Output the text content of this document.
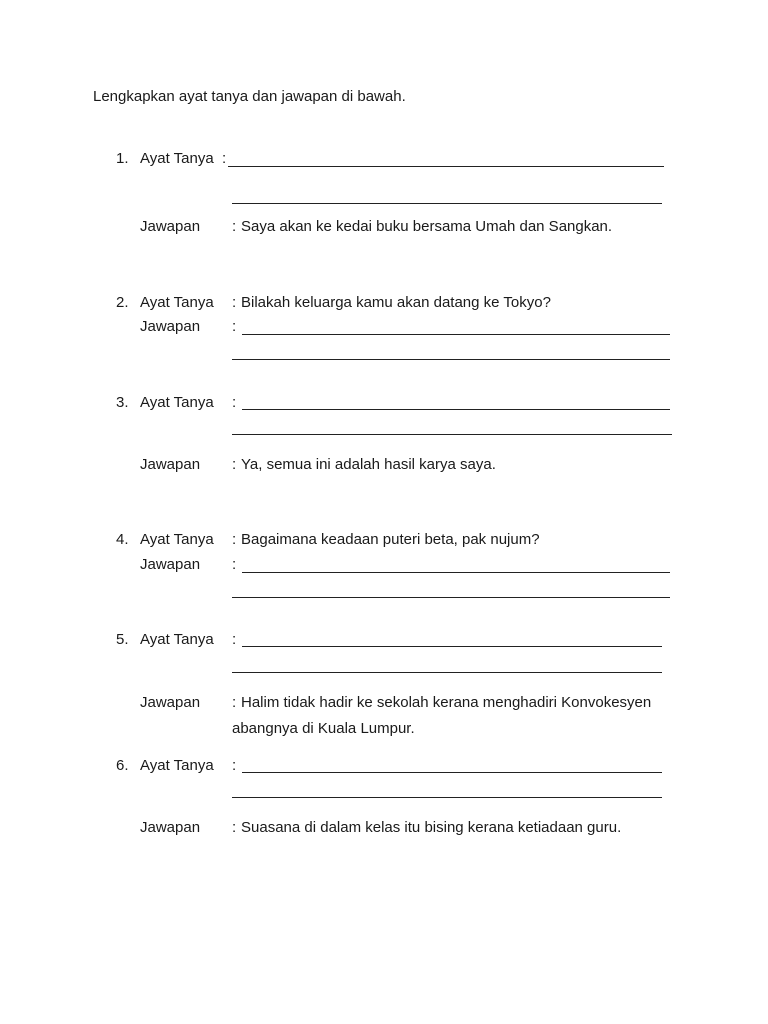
Lengkapkan ayat tanya dan jawapan di bawah.
1. Ayat Tanya :
Jawapan : Saya akan ke kedai buku bersama Umah dan Sangkan.
2. Ayat Tanya : Bilakah keluarga kamu akan datang ke Tokyo?
Jawapan :
3. Ayat Tanya :
Jawapan : Ya, semua ini adalah hasil karya saya.
4. Ayat Tanya : Bagaimana keadaan puteri beta, pak nujum?
Jawapan :
5. Ayat Tanya :
Jawapan : Halim tidak hadir ke sekolah kerana menghadiri Konvokesyen
abangnya di Kuala Lumpur.
6. Ayat Tanya :
Jawapan : Suasana di dalam kelas itu bising kerana ketiadaan guru.
